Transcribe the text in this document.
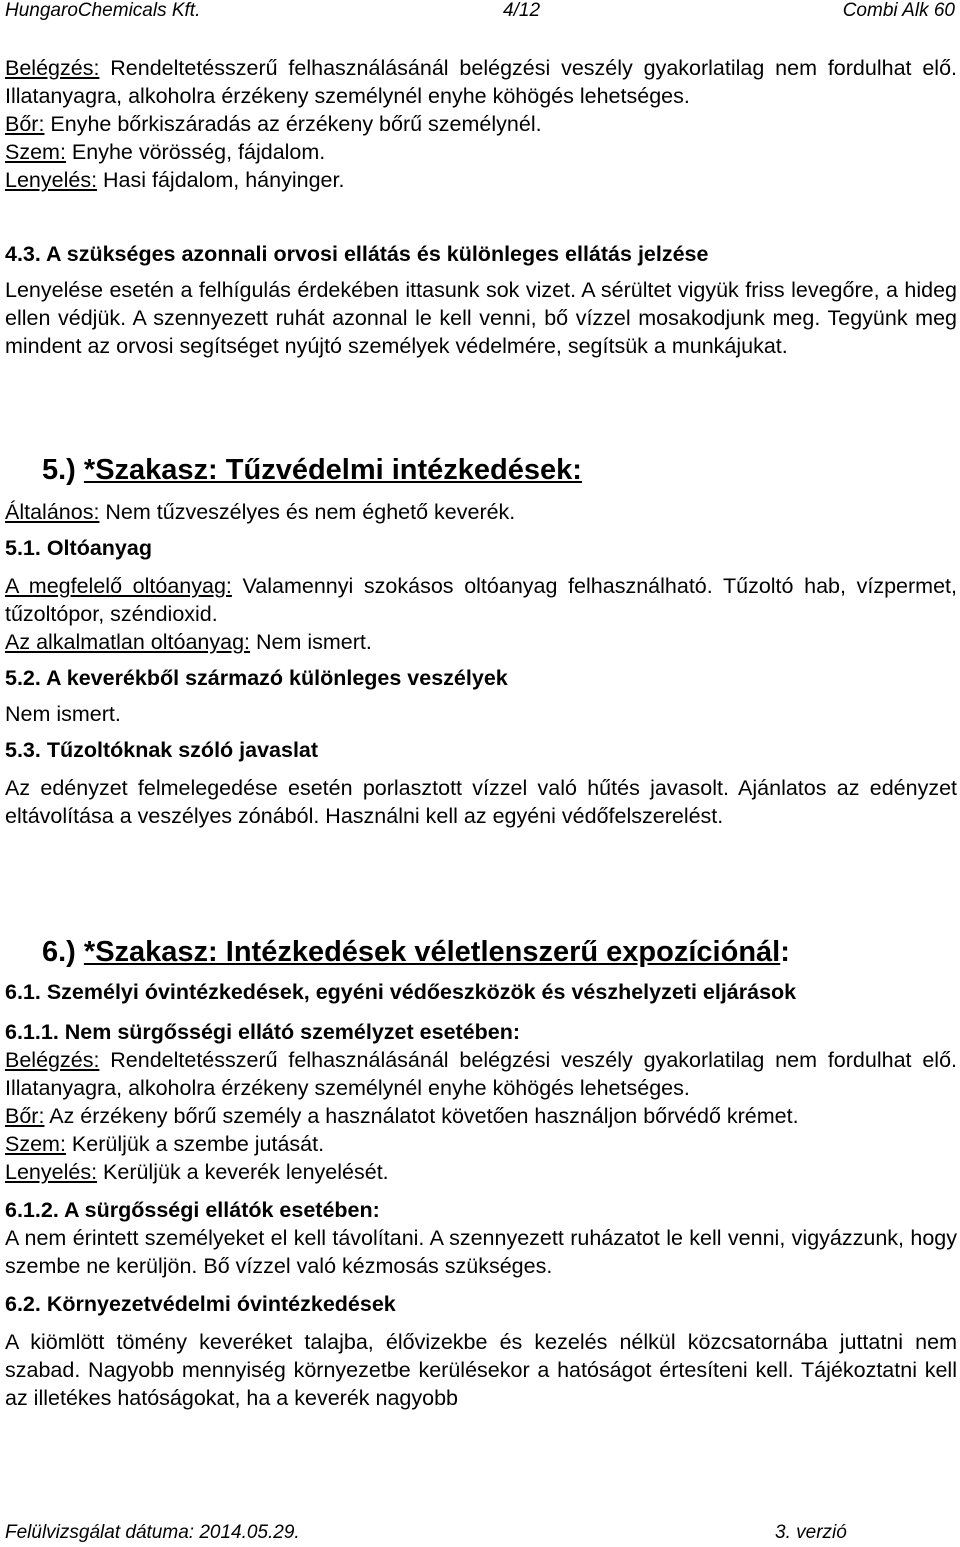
HungaroChemicals Kft.	4/12	Combi Alk 60

Belégzés: Rendeltetésszerű felhasználásánál belégzési veszély gyakorlatilag nem fordulhat elő. Illatanyagra, alkoholra érzékeny személynél enyhe köhögés lehetséges.

Bőr: Enyhe bőrkiszáradás az érzékeny bőrű személynél.

Szem: Enyhe vörösség, fájdalom.

Lenyelés: Hasi fájdalom, hányinger.

4.3. A szükséges azonnali orvosi ellátás és különleges ellátás jelzése

Lenyelése esetén a felhígulás érdekében ittasunk sok vizet. A sérültet vigyük friss levegőre, a hideg ellen védjük. A szennyezett ruhát azonnal le kell venni, bő vízzel mosakodjunk meg. Tegyünk meg mindent az orvosi segítséget nyújtó személyek védelmére, segítsük a munkájukat.

5.) *Szakasz: Tűzvédelmi intézkedések:

Általános: Nem tűzveszélyes és nem éghető keverék.

5.1. Oltóanyag

A megfelelő oltóanyag: Valamennyi szokásos oltóanyag felhasználható. Tűzoltó hab, vízpermet, tűzoltópor, széndioxid.

Az alkalmatlan oltóanyag: Nem ismert.

5.2. A keverékből származó különleges veszélyek

Nem ismert.

5.3. Tűzoltóknak szóló javaslat

Az edényzet felmelegedése esetén porlasztott vízzel való hűtés javasolt. Ajánlatos az edényzet eltávolítása a veszélyes zónából. Használni kell az egyéni védőfelszerelést.

6.) *Szakasz: Intézkedések véletlenszerű expozíciónál:
6.1. Személyi óvintézkedések, egyéni védőeszközök és vészhelyzeti eljárások
6.1.1. Nem sürgősségi ellátó személyzet esetében:

Belégzés: Rendeltetésszerű felhasználásánál belégzési veszély gyakorlatilag nem fordulhat elő. Illatanyagra, alkoholra érzékeny személynél enyhe köhögés lehetséges.

Bőr: Az érzékeny bőrű személy a használatot követően használjon bőrvédő krémet.

Szem: Kerüljük a szembe jutását.

Lenyelés: Kerüljük a keverék lenyelését.

6.1.2. A sürgősségi ellátók esetében:

A nem érintett személyeket el kell távolítani. A szennyezett ruházatot le kell venni, vigyázzunk, hogy szembe ne kerüljön. Bő vízzel való kézmosás szükséges.

6.2. Környezetvédelmi óvintézkedések

A kiömlött tömény keveréket talajba, élővizekbe és kezelés nélkül közcsatornába juttatni nem szabad. Nagyobb mennyiség környezetbe kerülésekor a hatóságot értesíteni kell. Tájékoztatni kell az illetékes hatóságokat, ha a keverék nagyobb

Felülvizsgálat dátuma: 2014.05.29.	3. verzió
